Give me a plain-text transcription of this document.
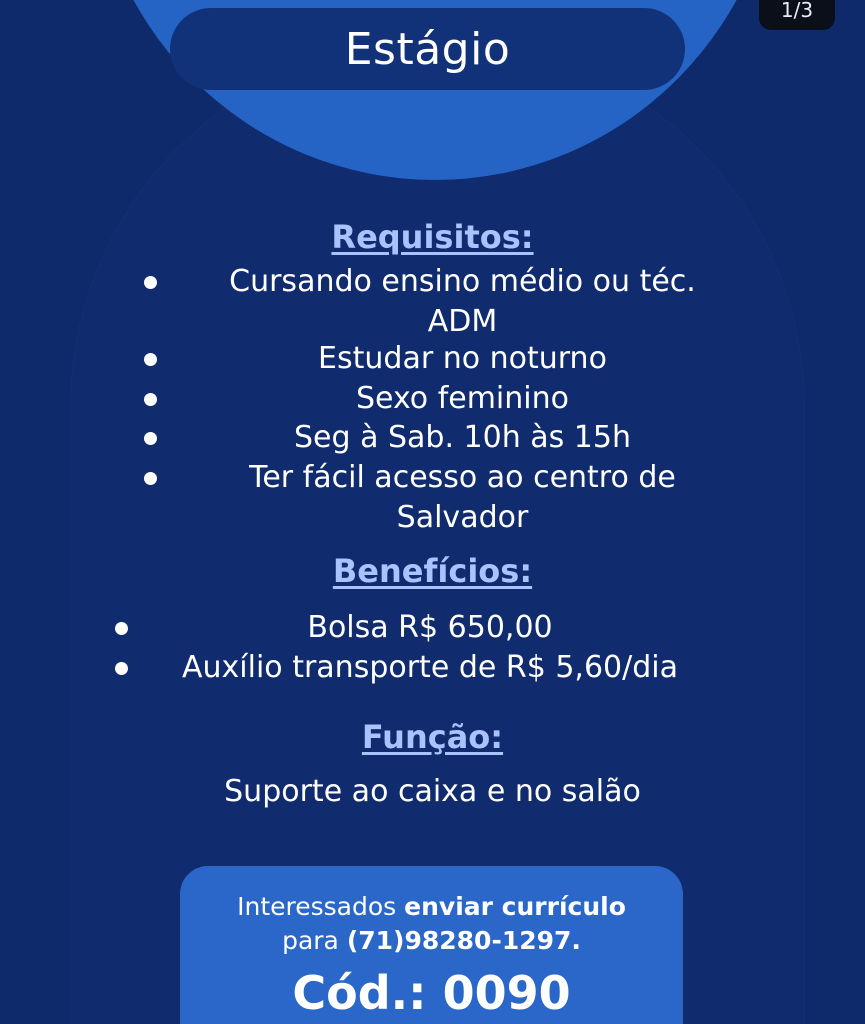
Estágio
1/3
Requisitos:
Cursando ensino médio ou téc.
ADM
Estudar no noturno
Sexo feminino
Seg à Sab. 10h às 15h
Ter fácil acesso ao centro de
Salvador
Benefícios:
Bolsa R$ 650,00
Auxílio transporte de R$ 5,60/dia
Função:
Suporte ao caixa e no salão
Interessados enviar currículo
para (71)98280-1297.
Cód.: 0090
